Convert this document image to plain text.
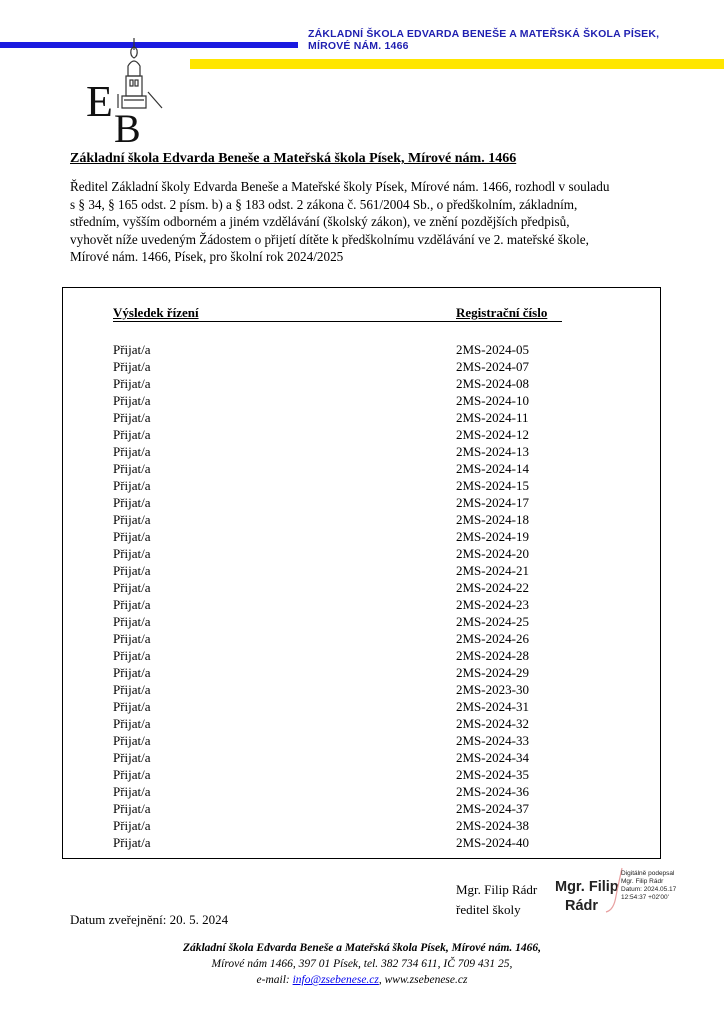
ZÁKLADNÍ ŠKOLA EDVARDA BENEŠE A MATEŘSKÁ ŠKOLA PÍSEK,
MÍROVÉ NÁM. 1466
E
B
Základní škola Edvarda Beneše a Mateřská škola Písek, Mírové nám. 1466
Ředitel Základní školy Edvarda Beneše a Mateřské školy Písek, Mírové nám. 1466, rozhodl v souladu
s § 34, § 165 odst. 2 písm. b) a § 183 odst. 2 zákona č. 561/2004 Sb., o předškolním, základním,
středním, vyšším odborném a jiném vzdělávání (školský zákon), ve znění pozdějších předpisů,
vyhovět níže uvedeným Žádostem o přijetí dítěte k předškolnímu vzdělávání ve 2. mateřské škole,
Mírové nám. 1466, Písek, pro školní rok 2024/2025
Výsledek řízení	Registrační číslo
Přijat/a	2MS-2024-05
Přijat/a	2MS-2024-07
Přijat/a	2MS-2024-08
Přijat/a	2MS-2024-10
Přijat/a	2MS-2024-11
Přijat/a	2MS-2024-12
Přijat/a	2MS-2024-13
Přijat/a	2MS-2024-14
Přijat/a	2MS-2024-15
Přijat/a	2MS-2024-17
Přijat/a	2MS-2024-18
Přijat/a	2MS-2024-19
Přijat/a	2MS-2024-20
Přijat/a	2MS-2024-21
Přijat/a	2MS-2024-22
Přijat/a	2MS-2024-23
Přijat/a	2MS-2024-25
Přijat/a	2MS-2024-26
Přijat/a	2MS-2024-28
Přijat/a	2MS-2024-29
Přijat/a	2MS-2023-30
Přijat/a	2MS-2024-31
Přijat/a	2MS-2024-32
Přijat/a	2MS-2024-33
Přijat/a	2MS-2024-34
Přijat/a	2MS-2024-35
Přijat/a	2MS-2024-36
Přijat/a	2MS-2024-37
Přijat/a	2MS-2024-38
Přijat/a	2MS-2024-40
Mgr. Filip Rádr
ředitel školy
Mgr. Filip
Rádr
Digitálně podepsal
Mgr. Filip Rádr
Datum: 2024.05.17
12:54:37 +02'00'
Datum zveřejnění: 20. 5. 2024
Základní škola Edvarda Beneše a Mateřská škola Písek, Mírové nám. 1466,
Mírové nám 1466, 397 01 Písek, tel. 382 734 611, IČ 709 431 25,
e-mail: info@zsebenese.cz, www.zsebenese.cz
